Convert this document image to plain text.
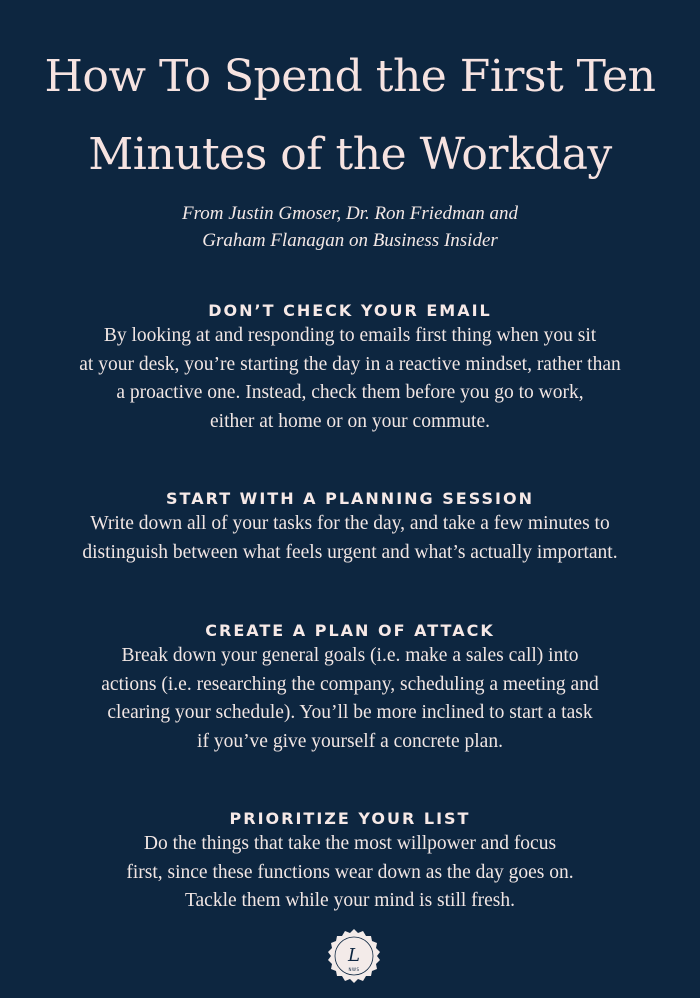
How To Spend the First Ten
Minutes of the Workday
From Justin Gmoser, Dr. Ron Friedman and
Graham Flanagan on Business Insider
DON’T CHECK YOUR EMAIL
By looking at and responding to emails first thing when you sit
at your desk, you’re starting the day in a reactive mindset, rather than
a proactive one. Instead, check them before you go to work,
either at home or on your commute.
START WITH A PLANNING SESSION
Write down all of your tasks for the day, and take a few minutes to
distinguish between what feels urgent and what’s actually important.
CREATE A PLAN OF ATTACK
Break down your general goals (i.e. make a sales call) into
actions (i.e. researching the company, scheduling a meeting and
clearing your schedule). You’ll be more inclined to start a task
if you’ve give yourself a concrete plan.
PRIORITIZE YOUR LIST
Do the things that take the most willpower and focus
first, since these functions wear down as the day goes on.
Tackle them while your mind is still fresh.
L
NWS
